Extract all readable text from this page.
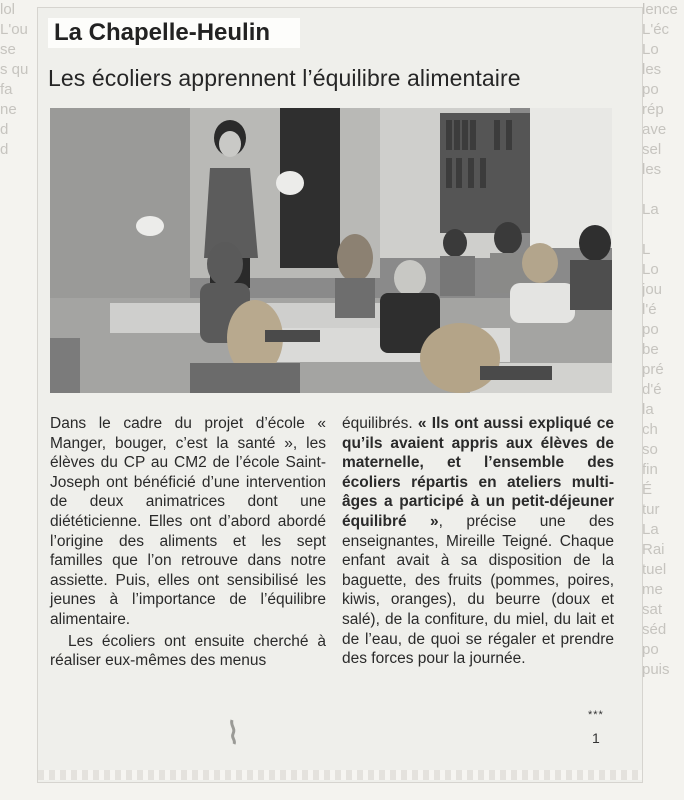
lol
L'ou
se
s qu
fa
ne
d
d
lence
L'éc
Lo
les
po
rép
ave
sel
les

La

L
Lo
jou
l'é
po
be
pré
d'é
la
ch
so
fin
É
tur
La
Rai
tuel
me
sat
séd
po
puis
La Chapelle-Heulin
Les écoliers apprennent l’équilibre alimentaire

Dans le cadre du projet d’école « Manger, bouger, c’est la santé », les élèves du CP au CM2 de l’école Saint-Joseph ont bénéficié d’une intervention de deux animatrices dont une diététicienne. Elles ont d’abord abordé l’origine des aliments et les sept familles que l’on retrouve dans notre assiette. Puis, elles ont sensibilisé les jeunes à l’importance de l’équilibre alimentaire.

Les écoliers ont ensuite cherché à réaliser eux-mêmes des menus

équilibrés. « Ils ont aussi expliqué ce qu’ils avaient appris aux élèves de maternelle, et l’ensemble des écoliers répartis en ateliers multi-âges a participé à un petit-déjeuner équilibré », précise une des enseignantes, Mireille Teigné. Chaque enfant avait à sa disposition de la baguette, des fruits (pommes, poires, kiwis, oranges), du beurre (doux et salé), de la confiture, du miel, du lait et de l’eau, de quoi se régaler et prendre des forces pour la journée.

***
1
